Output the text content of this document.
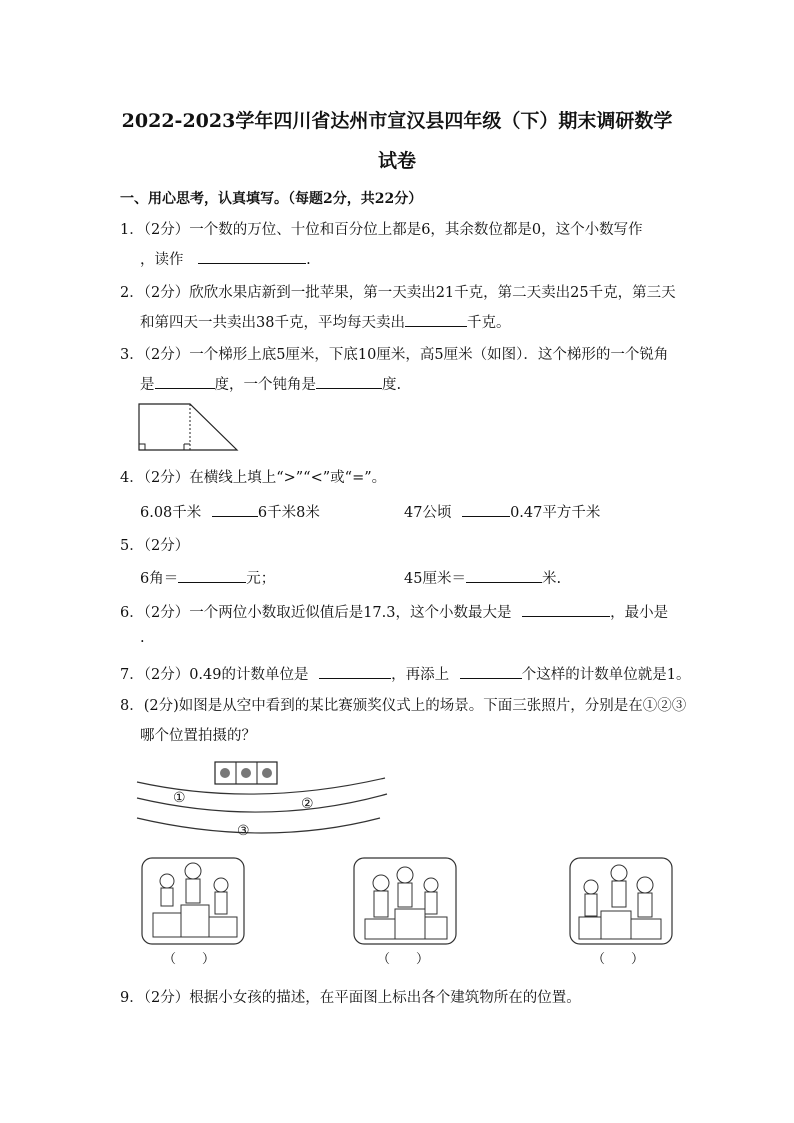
2022-2023学年四川省达州市宣汉县四年级（下）期末调研数学
试卷
一、用心思考，认真填写。（每题2分，共22分）
1．（2分）一个数的万位、十位和百分位上都是6，其余数位都是0，这个小数写作
，读作	.
2．（2分）欣欣水果店新到一批苹果，第一天卖出21千克，第二天卖出25千克，第三天
和第四天一共卖出38千克，平均每天卖出	千克。
3．（2分）一个梯形上底5厘米，下底10厘米，高5厘米（如图）．这个梯形的一个锐角
是	度，一个钝角是	度.
4．（2分）在横线上填上“>”“<”或“=”。
6.08千米	6千米8米	47公顷	0.47平方千米
5．（2分）
6角＝	元；	45厘米＝	米.
6．（2分）一个两位小数取近似值后是17.3，这个小数最大是	，最小是
.
7．（2分）0.49的计数单位是	，再添上	个这样的计数单位就是1。
8．(2分)如图是从空中看到的某比赛颁奖仪式上的场景。下面三张照片，分别是在①②③
哪个位置拍摄的？
①	②
③
（　　）	（　　）	（　　）
9．（2分）根据小女孩的描述，在平面图上标出各个建筑物所在的位置。
